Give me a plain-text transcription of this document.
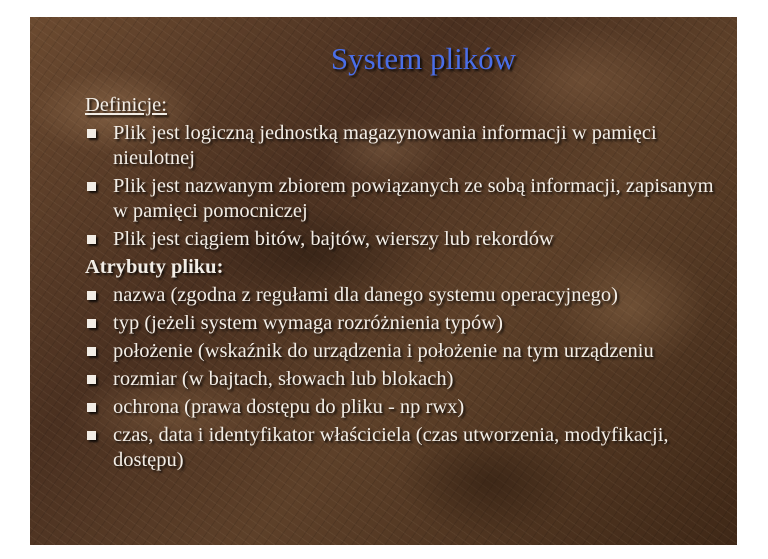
System plików
Definicje:
Plik jest logiczną jednostką magazynowania informacji w pamięci nieulotnej
Plik jest nazwanym zbiorem powiązanych ze sobą informacji, zapisanym w pamięci pomocniczej
Plik jest ciągiem bitów, bajtów, wierszy lub rekordów
Atrybuty pliku:
nazwa (zgodna z regułami dla danego systemu operacyjnego)
typ (jeżeli system wymaga rozróżnienia typów)
położenie (wskaźnik do urządzenia i położenie na tym urządzeniu
rozmiar (w bajtach, słowach lub blokach)
ochrona (prawa dostępu do pliku - np rwx)
czas, data i identyfikator właściciela (czas utworzenia, modyfikacji, dostępu)
